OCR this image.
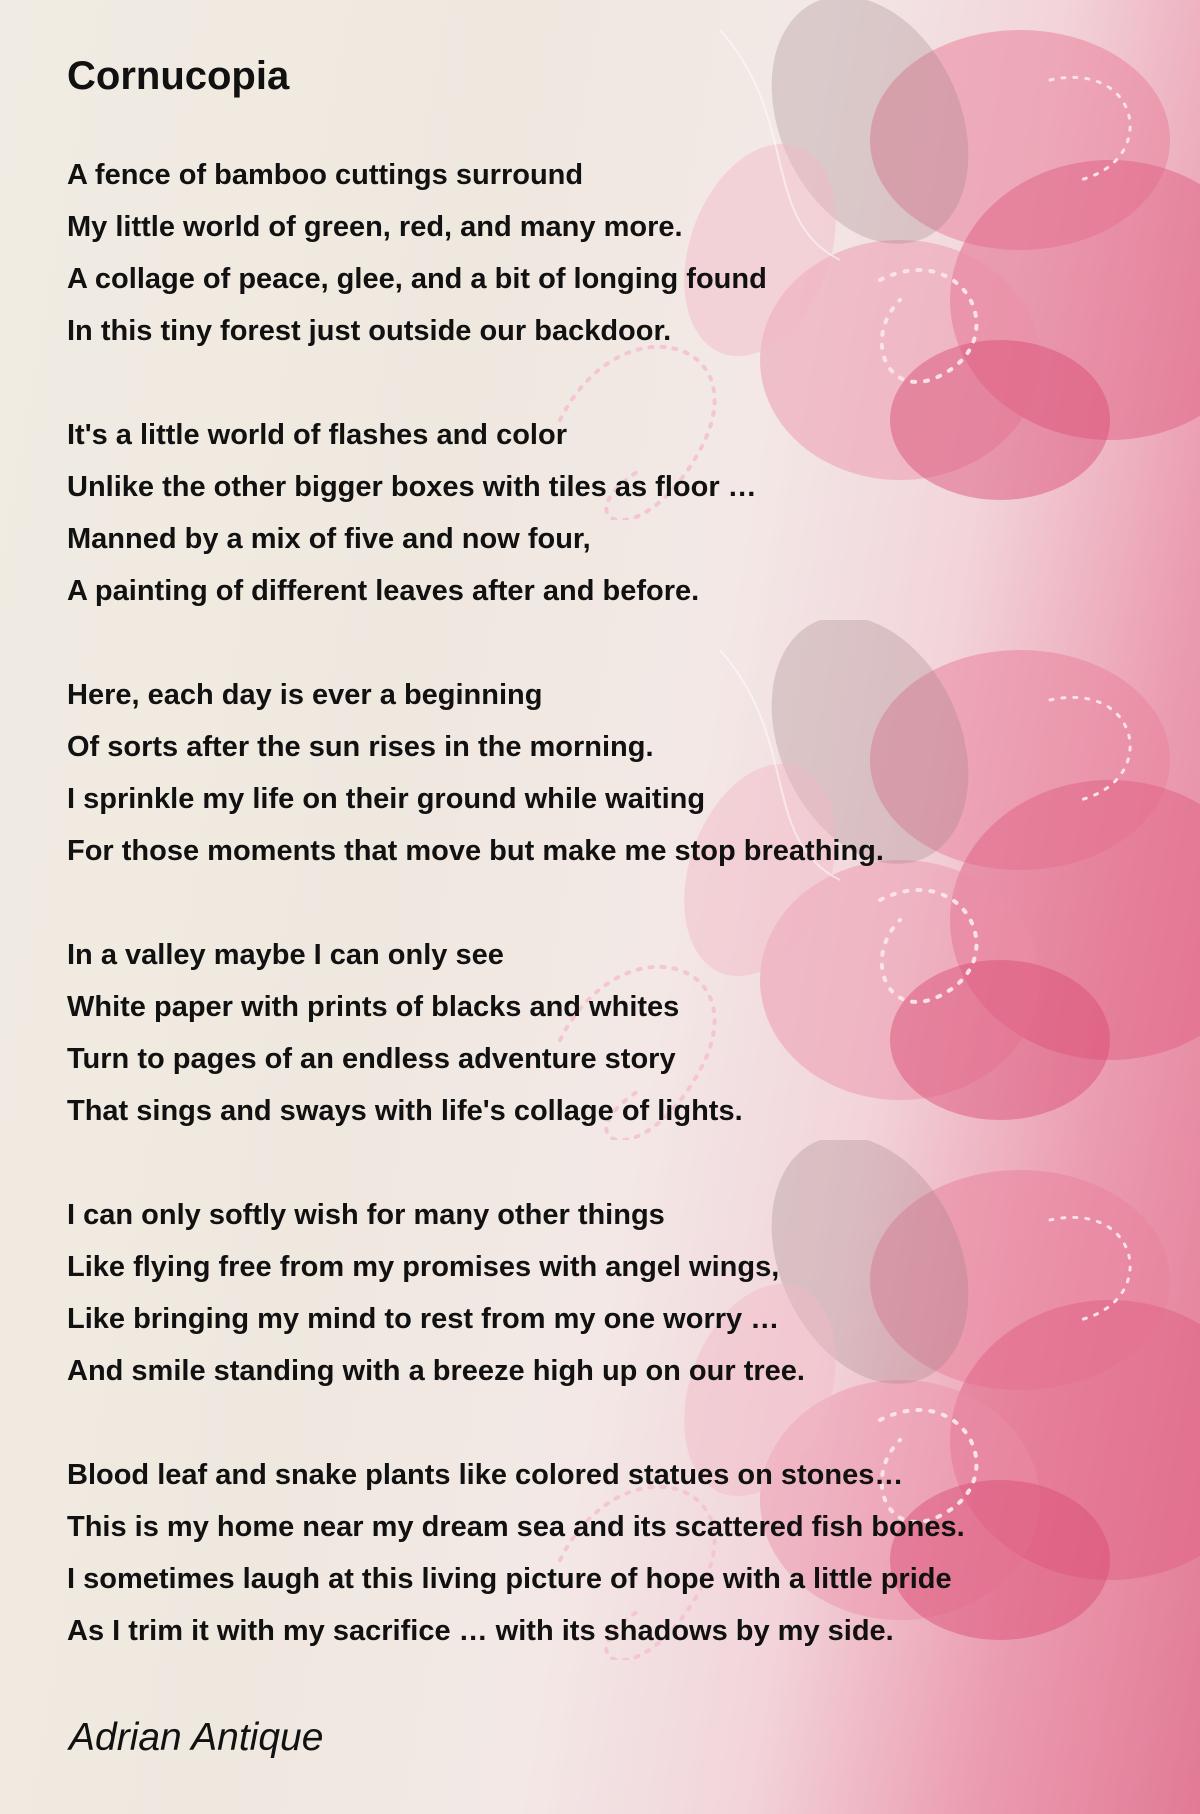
Cornucopia
A fence of bamboo cuttings surround
My little world of green, red, and many more.
A collage of peace, glee, and a bit of longing found
In this tiny forest just outside our backdoor.
It's a little world of flashes and color
Unlike the other bigger boxes with tiles as floor …
Manned by a mix of five and now four,
A painting of different leaves after and before.
Here, each day is ever a beginning
Of sorts after the sun rises in the morning.
I sprinkle my life on their ground while waiting
For those moments that move but make me stop breathing.
In a valley maybe I can only see
White paper with prints of blacks and whites
Turn to pages of an endless adventure story
That sings and sways with life's collage of lights.
I can only softly wish for many other things
Like flying free from my promises with angel wings,
Like bringing my mind to rest from my one worry …
And smile standing with a breeze high up on our tree.
Blood leaf and snake plants like colored statues on stones…
This is my home near my dream sea and its scattered fish bones.
I sometimes laugh at this living picture of hope with a little pride
As I trim it with my sacrifice … with its shadows by my side.

Adrian Antique
